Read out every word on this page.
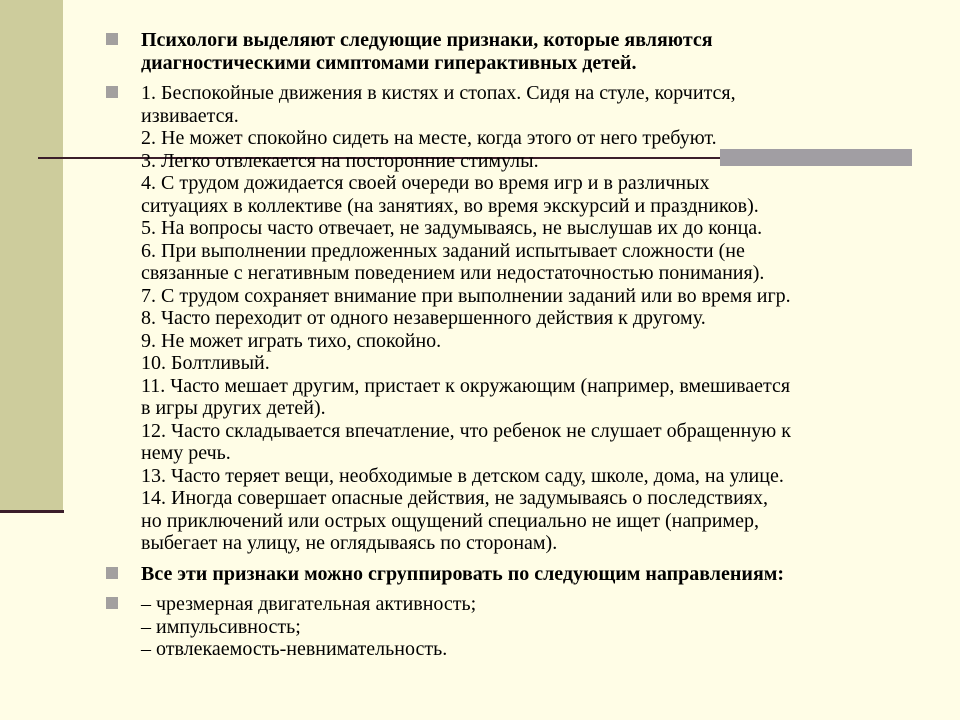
Психологи выделяют следующие признаки, которые являются
диагностическими симптомами гиперактивных детей.
1. Беспокойные движения в кистях и стопах. Сидя на стуле, корчится,
извивается.
2. Не может спокойно сидеть на месте, когда этого от него требуют.
3. Легко отвлекается на посторонние стимулы.
4. С трудом дожидается своей очереди во время игр и в различных
ситуациях в коллективе (на занятиях, во время экскурсий и праздников).
5. На вопросы часто отвечает, не задумываясь, не выслушав их до конца.
6. При выполнении предложенных заданий испытывает сложности (не
связанные с негативным поведением или недостаточностью понимания).
7. С трудом сохраняет внимание при выполнении заданий или во время игр.
8. Часто переходит от одного незавершенного действия к другому.
9. Не может играть тихо, спокойно.
10. Болтливый.
11. Часто мешает другим, пристает к окружающим (например, вмешивается
в игры других детей).
12. Часто складывается впечатление, что ребенок не слушает обращенную к
нему речь.
13. Часто теряет вещи, необходимые в детском саду, школе, дома, на улице.
14. Иногда совершает опасные действия, не задумываясь о последствиях,
но приключений или острых ощущений специально не ищет (например,
выбегает на улицу, не оглядываясь по сторонам).
Все эти признаки можно сгруппировать по следующим направлениям:
– чрезмерная двигательная активность;
– импульсивность;
– отвлекаемость-невнимательность.
